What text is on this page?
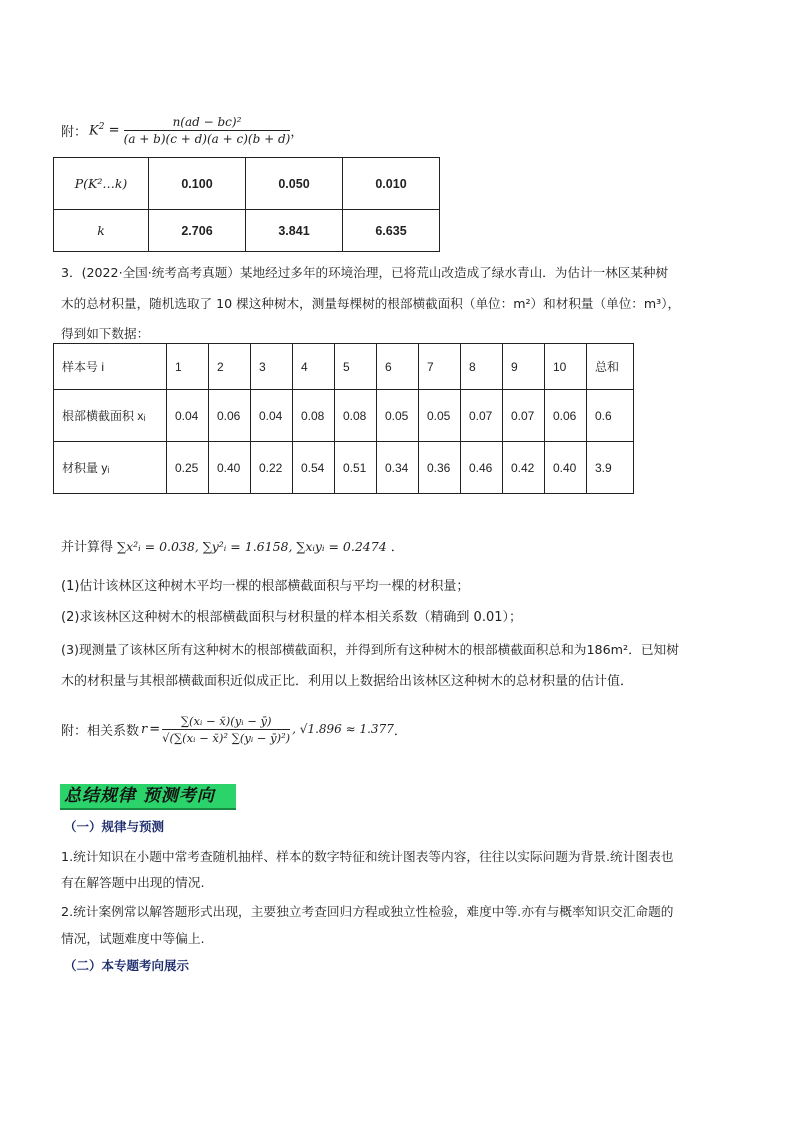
附： $K^2 = \frac{\text{n(ad − bc)²}}{(a + b)(c + d)(a + c)(b + d)}$ ，
P(K²…k)	0.100	0.050	0.010
k	2.706	3.841	6.635
3．(2022·全国·统考高考真题）某地经过多年的环境治理，已将荒山改造成了绿水青山．为估计一林区某种树
木的总材积量，随机选取了 10 棵这种树木，测量每棵树的根部横截面积（单位：m²）和材积量（单位：m³），
得到如下数据：
样本号 i	1	2	3	4	5	6	7	8	9	10	总和
根部横截面积 xᵢ	0.04	0.06	0.04	0.08	0.08	0.05	0.05	0.07	0.07	0.06	0.6
材积量 yᵢ	0.25	0.40	0.22	0.54	0.51	0.34	0.36	0.46	0.42	0.40	3.9
并计算得 ∑x²ᵢ = 0.038, ∑y²ᵢ = 1.6158, ∑xᵢyᵢ = 0.2474 ．
(1)估计该林区这种树木平均一棵的根部横截面积与平均一棵的材积量；
(2)求该林区这种树木的根部横截面积与材积量的样本相关系数（精确到 0.01）；
(3)现测量了该林区所有这种树木的根部横截面积，并得到所有这种树木的根部横截面积总和为186m²．已知树
木的材积量与其根部横截面积近似成正比．利用以上数据给出该林区这种树木的总材积量的估计值．
附：相关系数 $r = \frac{\text{∑(xᵢ − x̄)(yᵢ − ȳ)}}{\text{√(∑(xᵢ − x̄)² ∑(yᵢ − ȳ)²)}}$ , √1.896 ≈ 1.377 ．
总结规律 预测考向
（一）规律与预测
1.统计知识在小题中常考查随机抽样、样本的数字特征和统计图表等内容，往往以实际问题为背景.统计图表也
有在解答题中出现的情况.
2.统计案例常以解答题形式出现，主要独立考查回归方程或独立性检验，难度中等.亦有与概率知识交汇命题的
情况，试题难度中等偏上.
（二）本专题考向展示
